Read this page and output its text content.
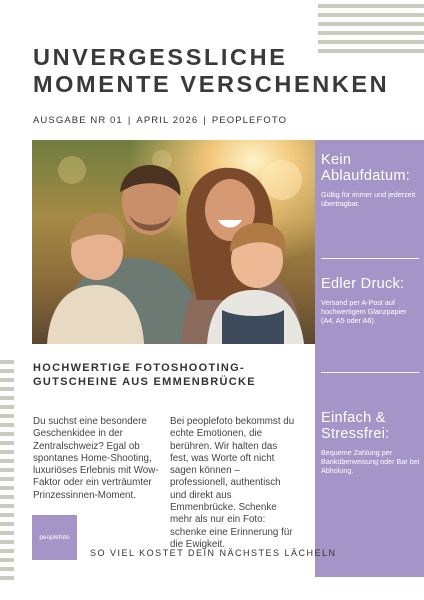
UNVERGESSLICHE
MOMENTE VERSCHENKEN
AUSGABE NR 01 | APRIL 2026 | PEOPLEFOTO

Kein Ablaufdatum:

Gültig für immer und jederzeit übertragbar.

Edler Druck:

Versand per A-Post auf hochwertigem Glanzpapier (A4, A5 oder A6).

Einfach & Stressfrei:

Bequeme Zahlung per Banküberweisung oder Bar bei Abholung.
HOCHWERTIGE FOTOSHOOTING-GUTSCHEINE AUS EMMENBRÜCKE
Du suchst eine besondere Geschenkidee in der Zentralschweiz? Egal ob spontanes Home-Shooting, luxuriöses Erlebnis mit Wow-Faktor oder ein verträumter Prinzessinnen-Moment.
Bei peoplefoto bekommst du echte Emotionen, die berühren. Wir halten das fest, was Worte oft nicht sagen können – professionell, authentisch und direkt aus Emmenbrücke. Schenke mehr als nur ein Foto: schenke eine Erinnerung für die Ewigkeit.
peoplefoto
SO VIEL KOSTET DEIN NÄCHSTES LÄCHELN
